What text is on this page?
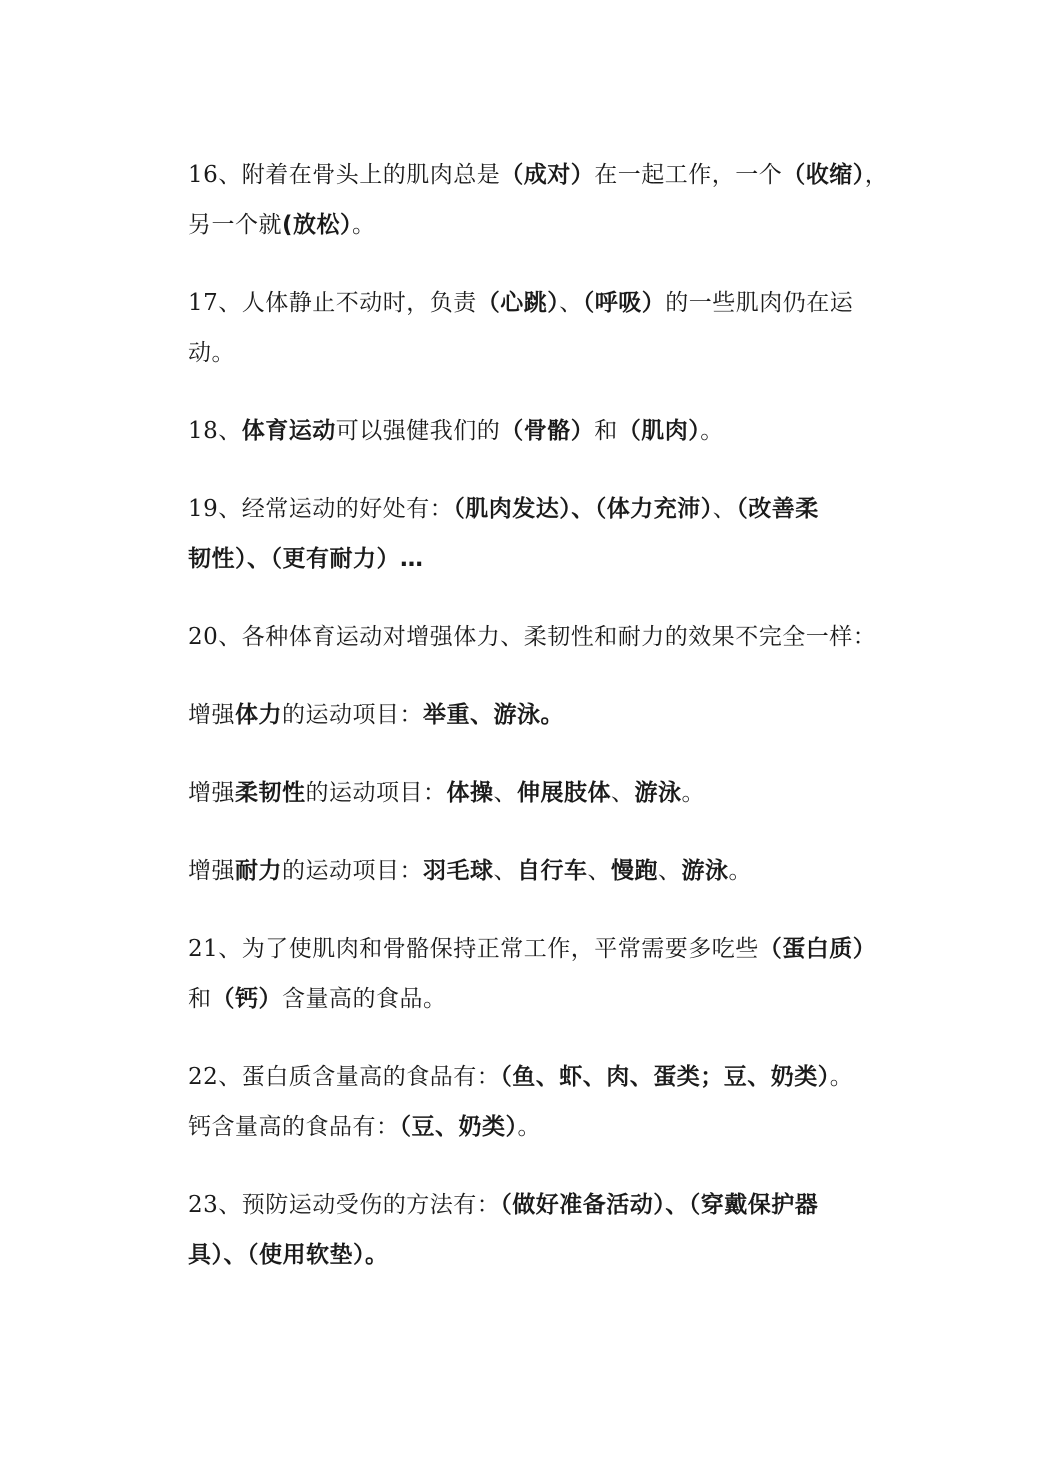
16、附着在骨头上的肌肉总是（成对）在一起工作，一个（收缩），
另一个就(放松）。
17、人体静止不动时，负责（心跳）、（呼吸）的一些肌肉仍在运
动。
18、体育运动可以强健我们的（骨骼）和（肌肉）。
19、经常运动的好处有：（肌肉发达）、（体力充沛）、（改善柔
韧性）、（更有耐力）…
20、各种体育运动对增强体力、柔韧性和耐力的效果不完全一样：
增强体力的运动项目：举重、游泳。
增强柔韧性的运动项目：体操、伸展肢体、游泳。
增强耐力的运动项目：羽毛球、自行车、慢跑、游泳。
21、为了使肌肉和骨骼保持正常工作，平常需要多吃些（蛋白质）
和（钙）含量高的食品。
22、蛋白质含量高的食品有：（鱼、虾、肉、蛋类；豆、奶类）。
钙含量高的食品有：（豆、奶类）。
23、预防运动受伤的方法有：（做好准备活动）、（穿戴保护器
具）、（使用软垫）。
